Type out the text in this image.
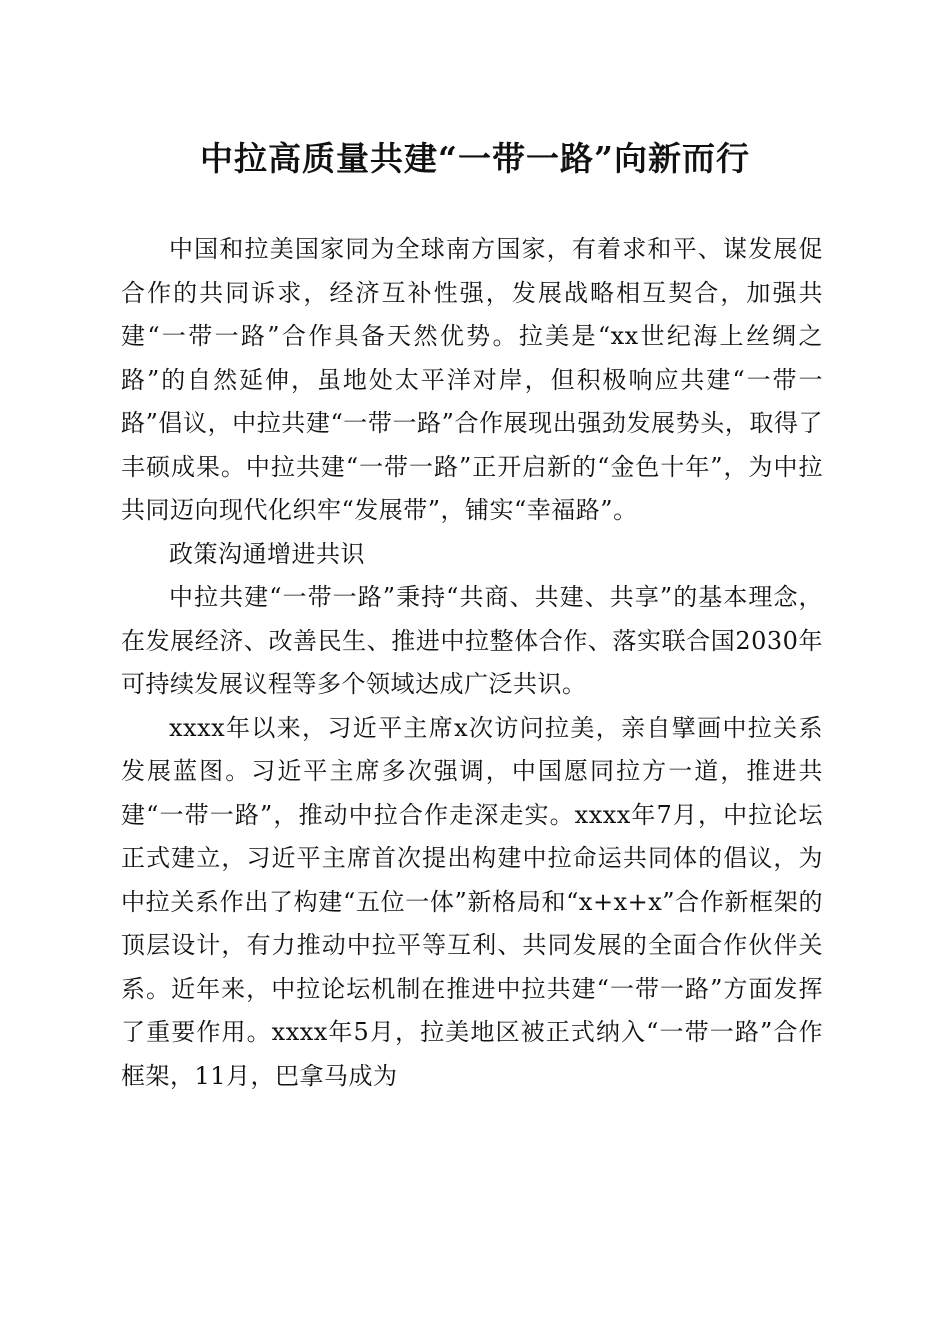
中拉高质量共建“一带一路”向新而行

中国和拉美国家同为全球南方国家，有着求和平、谋发展促合作的共同诉求，经济互补性强，发展战略相互契合，加强共建“一带一路”合作具备天然优势。拉美是“xx世纪海上丝绸之路”的自然延伸，虽地处太平洋对岸，但积极响应共建“一带一路”倡议，中拉共建“一带一路”合作展现出强劲发展势头，取得了丰硕成果。中拉共建“一带一路”正开启新的“金色十年”，为中拉共同迈向现代化织牢“发展带”，铺实“幸福路”。

政策沟通增进共识

中拉共建“一带一路”秉持“共商、共建、共享”的基本理念，在发展经济、改善民生、推进中拉整体合作、落实联合国2030年可持续发展议程等多个领域达成广泛共识。

xxxx年以来，习近平主席x次访问拉美，亲自擘画中拉关系发展蓝图。习近平主席多次强调，中国愿同拉方一道，推进共建“一带一路”，推动中拉合作走深走实。xxxx年7月，中拉论坛正式建立，习近平主席首次提出构建中拉命运共同体的倡议，为中拉关系作出了构建“五位一体”新格局和“x+x+x”合作新框架的顶层设计，有力推动中拉平等互利、共同发展的全面合作伙伴关系。近年来，中拉论坛机制在推进中拉共建“一带一路”方面发挥了重要作用。xxxx年5月，拉美地区被正式纳入“一带一路”合作框架，11月，巴拿马成为
